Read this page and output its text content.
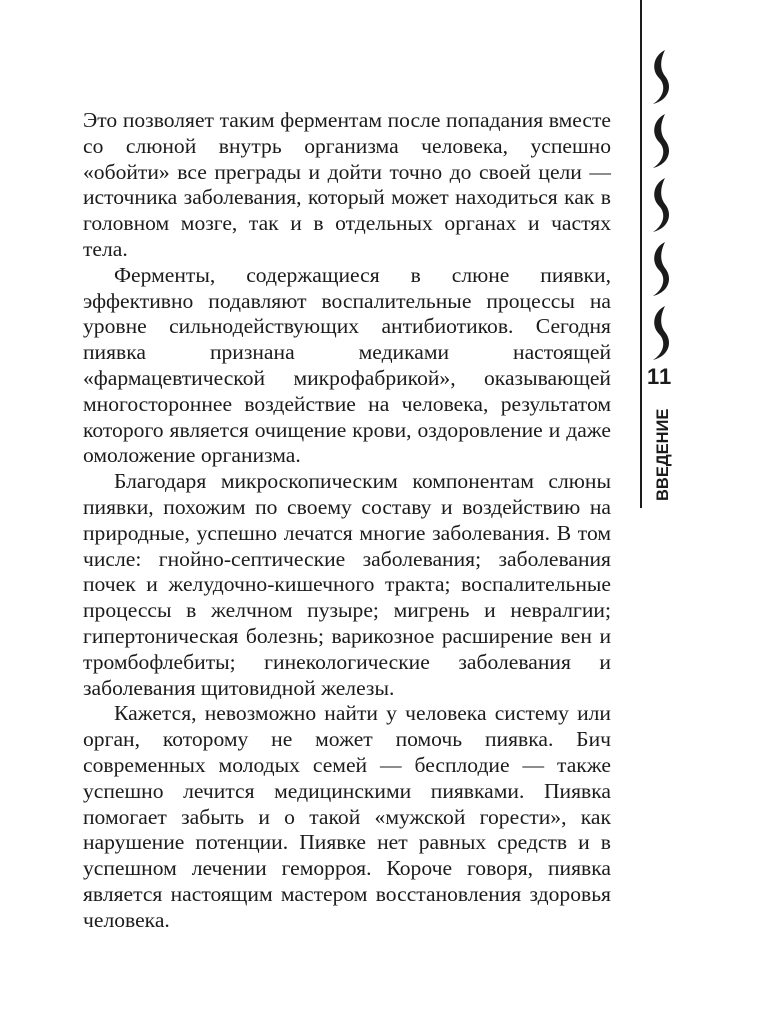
Это позволяет таким ферментам после попадания вместе со слюной внутрь организма человека, успешно «обойти» все преграды и дойти точно до своей цели — источника заболевания, который может находиться как в головном мозге, так и в отдельных органах и частях тела.

Ферменты, содержащиеся в слюне пиявки, эффективно подавляют воспалительные процессы на уровне сильнодействующих антибиотиков. Сегодня пиявка признана медиками настоящей «фармацевтической микрофабрикой», оказывающей многостороннее воздействие на человека, результатом которого является очищение крови, оздоровление и даже омоложение организма.

Благодаря микроскопическим компонентам слюны пиявки, похожим по своему составу и воздействию на природные, успешно лечатся многие заболевания. В том числе: гнойно-септические заболевания; заболевания почек и желудочно-кишечного тракта; воспалительные процессы в желчном пузыре; мигрень и невралгии; гипертоническая болезнь; варикозное расширение вен и тромбофлебиты; гинекологические заболевания и заболевания щитовидной железы.

Кажется, невозможно найти у человека систему или орган, которому не может помочь пиявка. Бич современных молодых семей — бесплодие — также успешно лечится медицинскими пиявками. Пиявка помогает забыть и о такой «мужской горести», как нарушение потенции. Пиявке нет равных средств и в успешном лечении геморроя. Короче говоря, пиявка является настоящим мастером восстановления здоровья человека.

11
ВВЕДЕНИЕ
